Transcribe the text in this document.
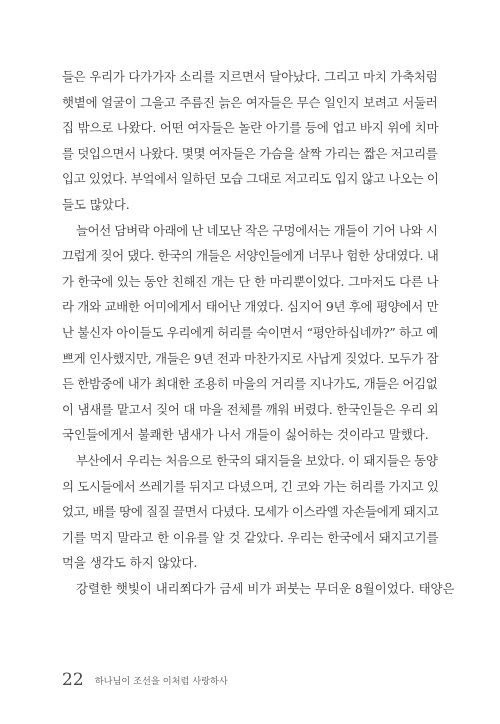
들은 우리가 다가가자 소리를 지르면서 달아났다. 그리고 마치 가축처럼
햇볕에 얼굴이 그을고 주름진 늙은 여자들은 무슨 일인지 보려고 서둘러
집 밖으로 나왔다. 어떤 여자들은 놀란 아기를 등에 업고 바지 위에 치마
를 덧입으면서 나왔다. 몇몇 여자들은 가슴을 살짝 가리는 짧은 저고리를
입고 있었다. 부엌에서 일하던 모습 그대로 저고리도 입지 않고 나오는 이
들도 많았다.
늘어선 담벼락 아래에 난 네모난 작은 구멍에서는 개들이 기어 나와 시
끄럽게 짖어 댔다. 한국의 개들은 서양인들에게 너무나 험한 상대였다. 내
가 한국에 있는 동안 친해진 개는 단 한 마리뿐이었다. 그마저도 다른 나
라 개와 교배한 어미에게서 태어난 개였다. 심지어 9년 후에 평양에서 만
난 불신자 아이들도 우리에게 허리를 숙이면서 “평안하십네까?” 하고 예
쁘게 인사했지만, 개들은 9년 전과 마찬가지로 사납게 짖었다. 모두가 잠
든 한밤중에 내가 최대한 조용히 마을의 거리를 지나가도, 개들은 어김없
이 냄새를 맡고서 짖어 대 마을 전체를 깨워 버렸다. 한국인들은 우리 외
국인들에게서 불쾌한 냄새가 나서 개들이 싫어하는 것이라고 말했다.
부산에서 우리는 처음으로 한국의 돼지들을 보았다. 이 돼지들은 동양
의 도시들에서 쓰레기를 뒤지고 다녔으며, 긴 코와 가는 허리를 가지고 있
었고, 배를 땅에 질질 끌면서 다녔다. 모세가 이스라엘 자손들에게 돼지고
기를 먹지 말라고 한 이유를 알 것 같았다. 우리는 한국에서 돼지고기를
먹을 생각도 하지 않았다.
강렬한 햇빛이 내리쬐다가 금세 비가 퍼붓는 무더운 8월이었다. 태양은
22 하나님이 조선을 이처럼 사랑하사
